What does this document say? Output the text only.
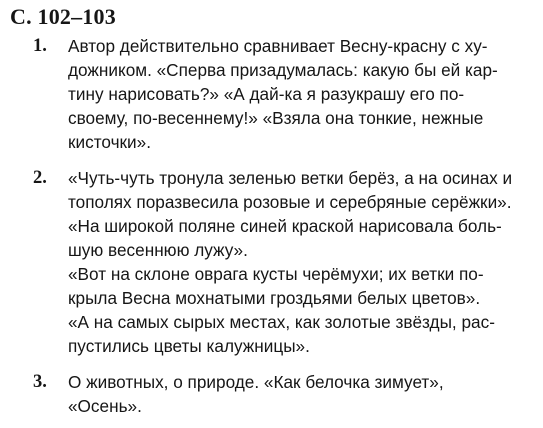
С. 102–103
1. Автор действительно сравнивает Весну-красну с ху-
дожником. «Сперва призадумалась: какую бы ей кар-
тину нарисовать?» «А дай-ка я разукрашу его по-
своему, по-весеннему!» «Взяла она тонкие, нежные
кисточки».
2. «Чуть-чуть тронула зеленью ветки берёз, а на осинах и
тополях поразвесила розовые и серебряные серёжки».
«На широкой поляне синей краской нарисовала боль-
шую весеннюю лужу».
«Вот на склоне оврага кусты черёмухи; их ветки по-
крыла Весна мохнатыми гроздьями белых цветов».
«А на самых сырых местах, как золотые звёзды, рас-
пустились цветы калужницы».
3. О животных, о природе. «Как белочка зимует»,
«Осень».
